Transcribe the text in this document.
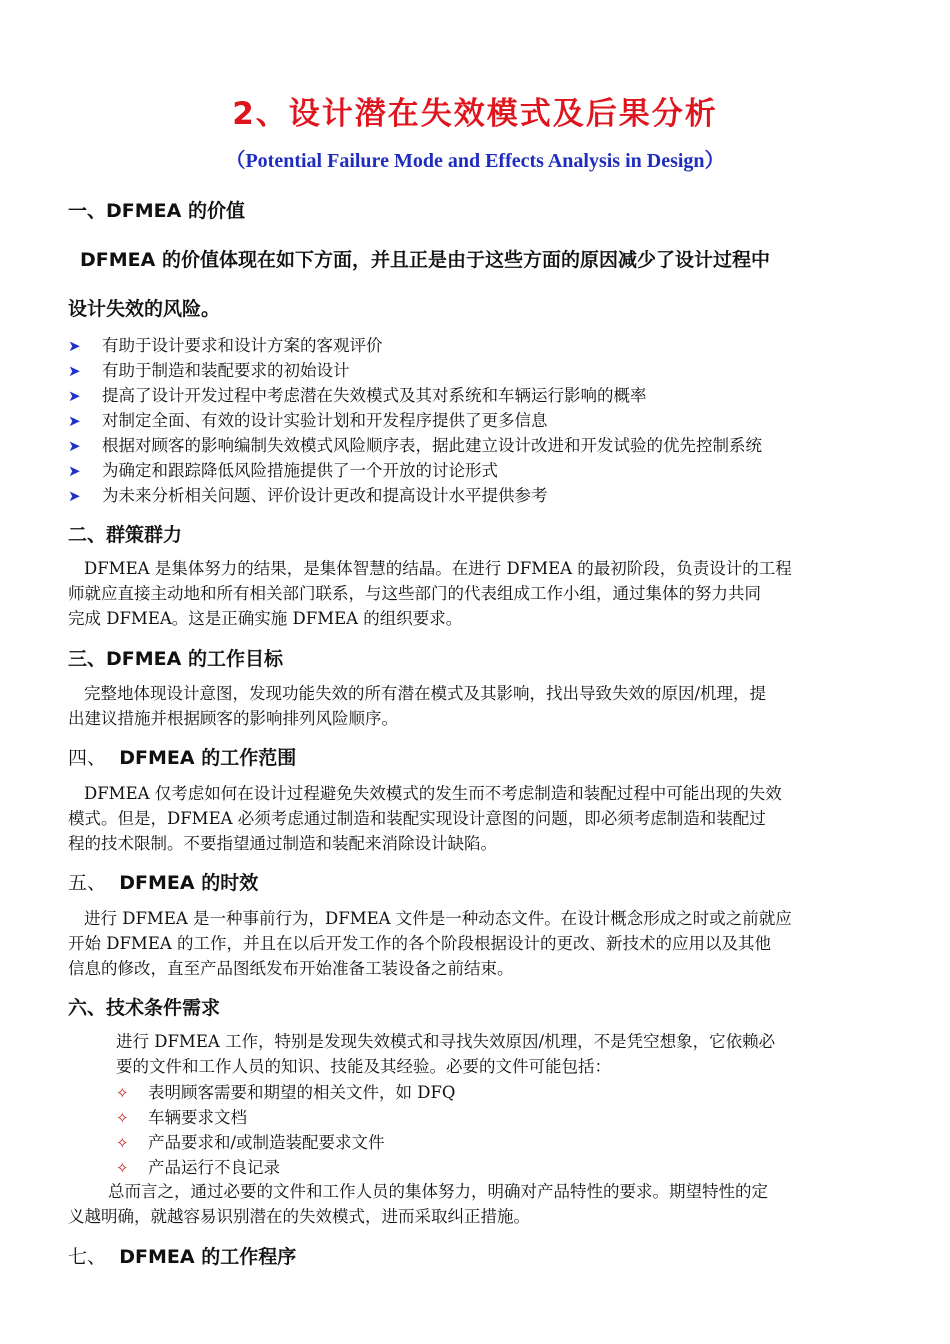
2、设计潜在失效模式及后果分析
（Potential Failure Mode and Effects Analysis in Design）
一、DFMEA 的价值
DFMEA 的价值体现在如下方面，并且正是由于这些方面的原因减少了设计过程中
设计失效的风险。
➤ 有助于设计要求和设计方案的客观评价
➤ 有助于制造和装配要求的初始设计
➤ 提高了设计开发过程中考虑潜在失效模式及其对系统和车辆运行影响的概率
➤ 对制定全面、有效的设计实验计划和开发程序提供了更多信息
➤ 根据对顾客的影响编制失效模式风险顺序表，据此建立设计改进和开发试验的优先控制系统
➤ 为确定和跟踪降低风险措施提供了一个开放的讨论形式
➤ 为未来分析相关问题、评价设计更改和提高设计水平提供参考
二、群策群力
DFMEA 是集体努力的结果，是集体智慧的结晶。在进行 DFMEA 的最初阶段，负责设计的工程
师就应直接主动地和所有相关部门联系，与这些部门的代表组成工作小组，通过集体的努力共同
完成 DFMEA。这是正确实施 DFMEA 的组织要求。
三、DFMEA 的工作目标
完整地体现设计意图，发现功能失效的所有潜在模式及其影响，找出导致失效的原因/机理，提
出建议措施并根据顾客的影响排列风险顺序。
四、 DFMEA 的工作范围
DFMEA 仅考虑如何在设计过程避免失效模式的发生而不考虑制造和装配过程中可能出现的失效
模式。但是，DFMEA 必须考虑通过制造和装配实现设计意图的问题，即必须考虑制造和装配过
程的技术限制。不要指望通过制造和装配来消除设计缺陷。
五、 DFMEA 的时效
进行 DFMEA 是一种事前行为，DFMEA 文件是一种动态文件。在设计概念形成之时或之前就应
开始 DFMEA 的工作，并且在以后开发工作的各个阶段根据设计的更改、新技术的应用以及其他
信息的修改，直至产品图纸发布开始准备工装设备之前结束。
六、技术条件需求
进行 DFMEA 工作，特别是发现失效模式和寻找失效原因/机理，不是凭空想象，它依赖必
要的文件和工作人员的知识、技能及其经验。必要的文件可能包括：
✧ 表明顾客需要和期望的相关文件，如 DFQ
✧ 车辆要求文档
✧ 产品要求和/或制造装配要求文件
✧ 产品运行不良记录
总而言之，通过必要的文件和工作人员的集体努力，明确对产品特性的要求。期望特性的定
义越明确，就越容易识别潜在的失效模式，进而采取纠正措施。
七、 DFMEA 的工作程序
